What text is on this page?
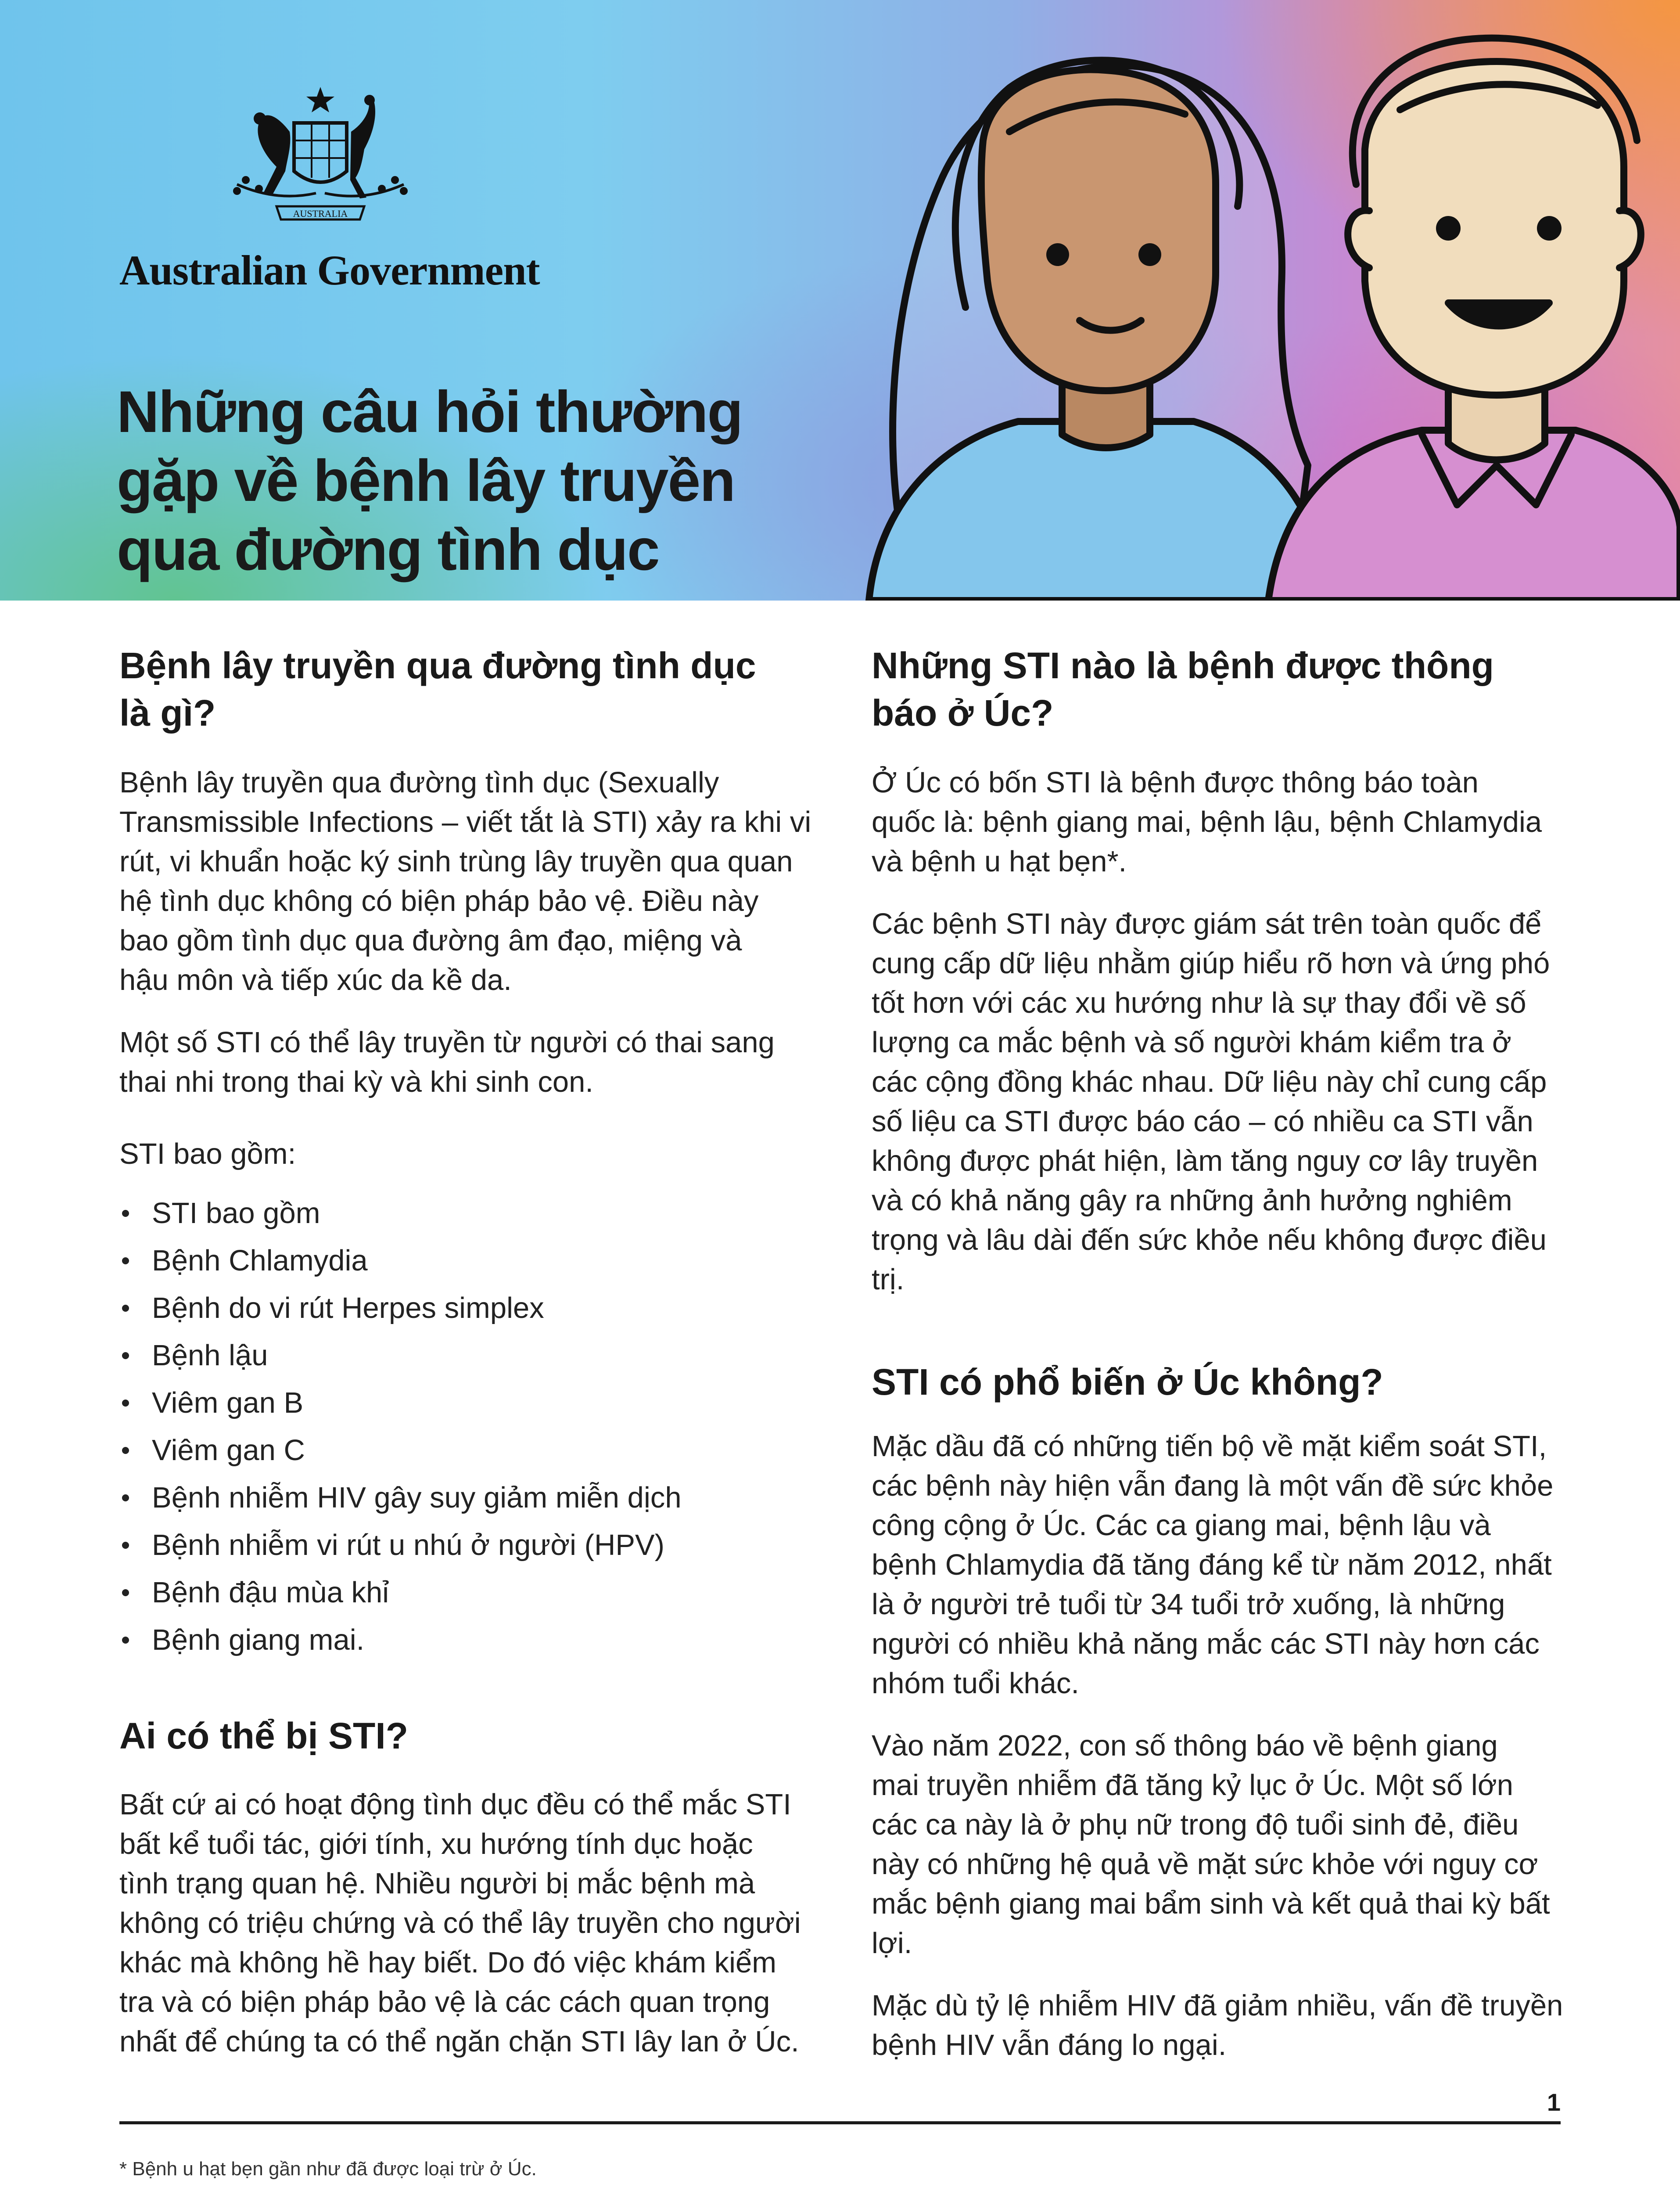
AUSTRALIA
Australian Government
Những câu hỏi thường
gặp về bệnh lây truyền
qua đường tình dục
Bệnh lây truyền qua đường tình dục
là gì?
Bệnh lây truyền qua đường tình dục (Sexually
Transmissible Infections – viết tắt là STI) xảy ra khi vi
rút, vi khuẩn hoặc ký sinh trùng lây truyền qua quan
hệ tình dục không có biện pháp bảo vệ. Điều này
bao gồm tình dục qua đường âm đạo, miệng và
hậu môn và tiếp xúc da kề da.
Một số STI có thể lây truyền từ người có thai sang
thai nhi trong thai kỳ và khi sinh con.
STI bao gồm:
STI bao gồm
Bệnh Chlamydia
Bệnh do vi rút Herpes simplex
Bệnh lậu
Viêm gan B
Viêm gan C
Bệnh nhiễm HIV gây suy giảm miễn dịch
Bệnh nhiễm vi rút u nhú ở người (HPV)
Bệnh đậu mùa khỉ
Bệnh giang mai.
Ai có thể bị STI?
Bất cứ ai có hoạt động tình dục đều có thể mắc STI
bất kể tuổi tác, giới tính, xu hướng tính dục hoặc
tình trạng quan hệ. Nhiều người bị mắc bệnh mà
không có triệu chứng và có thể lây truyền cho người
khác mà không hề hay biết. Do đó việc khám kiểm
tra và có biện pháp bảo vệ là các cách quan trọng
nhất để chúng ta có thể ngăn chặn STI lây lan ở Úc.
Những STI nào là bệnh được thông
báo ở Úc?
Ở Úc có bốn STI là bệnh được thông báo toàn
quốc là: bệnh giang mai, bệnh lậu, bệnh Chlamydia
và bệnh u hạt bẹn*.
Các bệnh STI này được giám sát trên toàn quốc để
cung cấp dữ liệu nhằm giúp hiểu rõ hơn và ứng phó
tốt hơn với các xu hướng như là sự thay đổi về số
lượng ca mắc bệnh và số người khám kiểm tra ở
các cộng đồng khác nhau. Dữ liệu này chỉ cung cấp
số liệu ca STI được báo cáo – có nhiều ca STI vẫn
không được phát hiện, làm tăng nguy cơ lây truyền
và có khả năng gây ra những ảnh hưởng nghiêm
trọng và lâu dài đến sức khỏe nếu không được điều
trị.
STI có phổ biến ở Úc không?
Mặc dầu đã có những tiến bộ về mặt kiểm soát STI,
các bệnh này hiện vẫn đang là một vấn đề sức khỏe
công cộng ở Úc. Các ca giang mai, bệnh lậu và
bệnh Chlamydia đã tăng đáng kể từ năm 2012, nhất
là ở người trẻ tuổi từ 34 tuổi trở xuống, là những
người có nhiều khả năng mắc các STI này hơn các
nhóm tuổi khác.
Vào năm 2022, con số thông báo về bệnh giang
mai truyền nhiễm đã tăng kỷ lục ở Úc. Một số lớn
các ca này là ở phụ nữ trong độ tuổi sinh đẻ, điều
này có những hệ quả về mặt sức khỏe với nguy cơ
mắc bệnh giang mai bẩm sinh và kết quả thai kỳ bất
lợi.
Mặc dù tỷ lệ nhiễm HIV đã giảm nhiều, vấn đề truyền
bệnh HIV vẫn đáng lo ngại.
1
* Bệnh u hạt bẹn gần như đã được loại trừ ở Úc.
